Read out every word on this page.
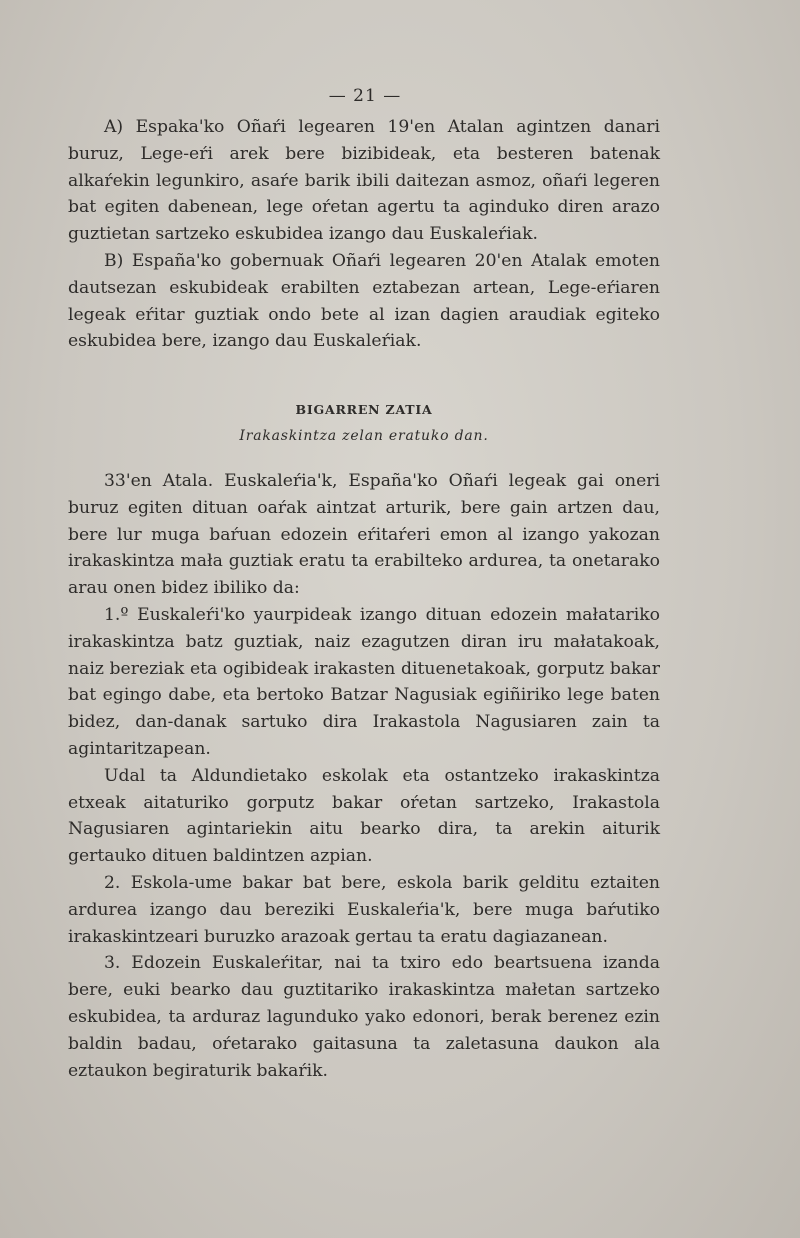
— 21 —

A) Espaka'ko Oñaŕi legearen 19'en Atalan agintzen danari buruz, Lege-eŕi arek bere bizibideak, eta besteren batenak alkaŕekin legunkiro, asaŕe barik ibili daitezan asmoz, oñaŕi legeren bat egiten dabenean, lege oŕetan agertu ta aginduko diren arazo guztietan sartzeko eskubidea izango dau Euskaleŕiak.

B) España'ko gobernuak Oñaŕi legearen 20'en Atalak emoten dautsezan eskubideak erabilten eztabezan artean, Lege-eŕiaren legeak eŕitar guztiak ondo bete al izan dagien araudiak egiteko eskubidea bere, izango dau Euskaleŕiak.

BIGARREN ZATIA
Irakaskintza zelan eratuko dan.

33'en Atala. Euskaleŕia'k, España'ko Oñaŕi legeak gai oneri buruz egiten dituan oaŕak aintzat arturik, bere gain artzen dau, bere lur muga baŕuan edozein eŕitaŕeri emon al izango yakozan irakaskintza mała guztiak eratu ta erabilteko ardurea, ta onetarako arau onen bidez ibiliko da:

1.º Euskaleŕi'ko yaurpideak izango dituan edozein małatariko irakaskintza batz guztiak, naiz ezagutzen diran iru małatakoak, naiz bereziak eta ogibideak irakasten dituenetakoak, gorputz bakar bat egingo dabe, eta bertoko Batzar Nagusiak egiñiriko lege baten bidez, dan-danak sartuko dira Irakastola Nagusiaren zain ta agintaritzapean.

Udal ta Aldundietako eskolak eta ostantzeko irakaskintza etxeak aitaturiko gorputz bakar oŕetan sartzeko, Irakastola Nagusiaren agintariekin aitu bearko dira, ta arekin aiturik gertauko dituen baldintzen azpian.

2. Eskola-ume bakar bat bere, eskola barik gelditu eztaiten ardurea izango dau bereziki Euskaleŕia'k, bere muga baŕutiko irakaskintzeari buruzko arazoak gertau ta eratu dagiazanean.

3. Edozein Euskaleŕitar, nai ta txiro edo beartsuena izanda bere, euki bearko dau guztitariko irakaskintza małetan sartzeko eskubidea, ta arduraz lagunduko yako edonori, berak berenez ezin baldin badau, oŕetarako gaitasuna ta zaletasuna daukon ala eztaukon begiraturik bakaŕik.
